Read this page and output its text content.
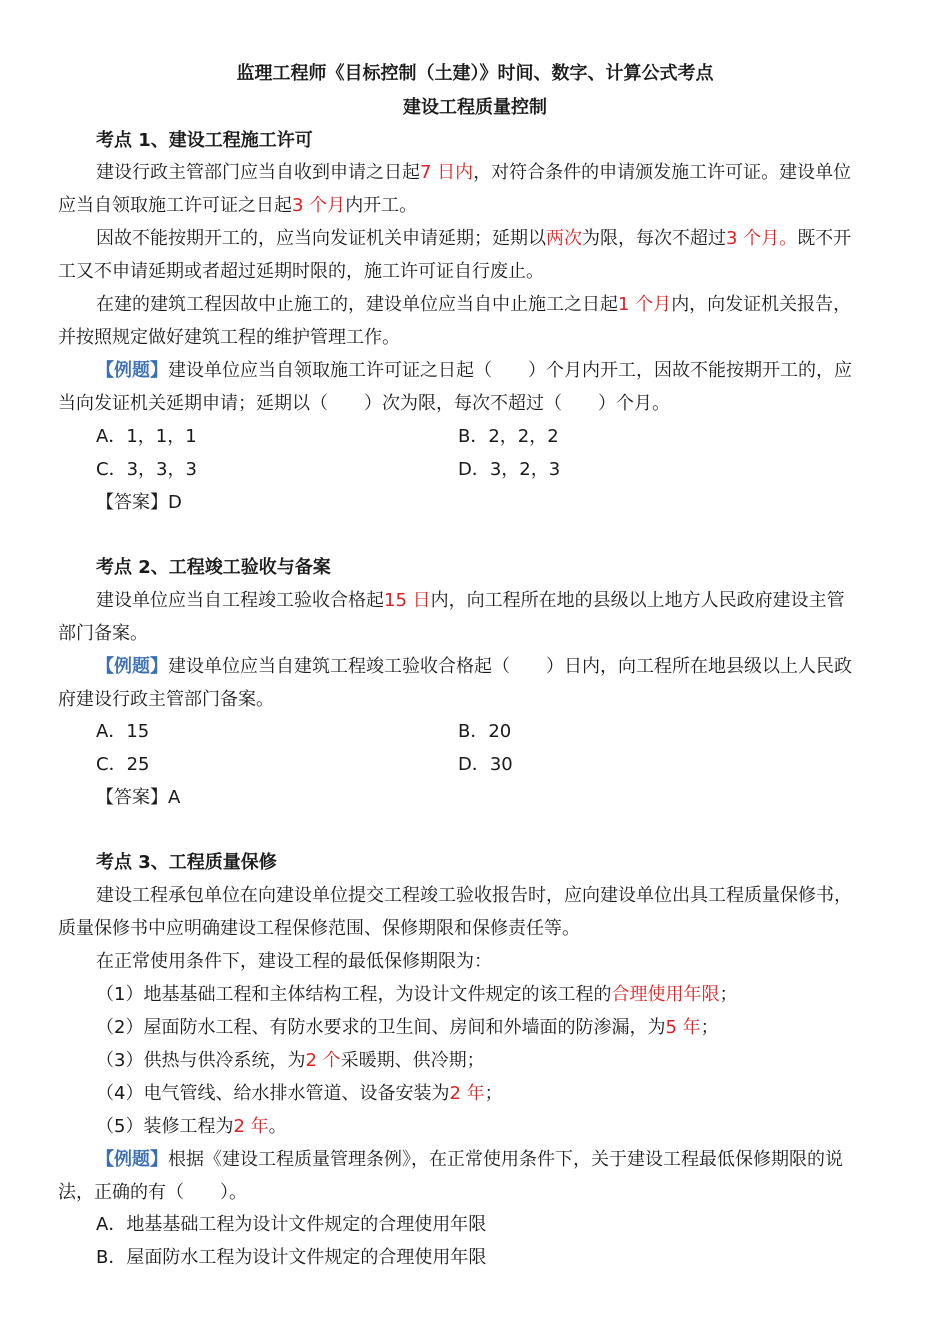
监理工程师《目标控制（土建）》时间、数字、计算公式考点
建设工程质量控制
考点 1、建设工程施工许可
建设行政主管部门应当自收到申请之日起7 日内，对符合条件的申请颁发施工许可证。建设单位
应当自领取施工许可证之日起3 个月内开工。
因故不能按期开工的，应当向发证机关申请延期；延期以两次为限，每次不超过3 个月。既不开
工又不申请延期或者超过延期时限的，施工许可证自行废止。
在建的建筑工程因故中止施工的，建设单位应当自中止施工之日起1 个月内，向发证机关报告，
并按照规定做好建筑工程的维护管理工作。
【例题】建设单位应当自领取施工许可证之日起（　　）个月内开工，因故不能按期开工的，应
当向发证机关延期申请；延期以（　　）次为限，每次不超过（　　）个月。
A．1，1，1	B．2，2，2
C．3，3，3	D．3，2，3
【答案】D
考点 2、工程竣工验收与备案
建设单位应当自工程竣工验收合格起15 日内，向工程所在地的县级以上地方人民政府建设主管
部门备案。
【例题】建设单位应当自建筑工程竣工验收合格起（　　）日内，向工程所在地县级以上人民政
府建设行政主管部门备案。
A．15	B．20
C．25	D．30
【答案】A
考点 3、工程质量保修
建设工程承包单位在向建设单位提交工程竣工验收报告时，应向建设单位出具工程质量保修书，
质量保修书中应明确建设工程保修范围、保修期限和保修责任等。
在正常使用条件下，建设工程的最低保修期限为：
（1）地基基础工程和主体结构工程，为设计文件规定的该工程的合理使用年限；
（2）屋面防水工程、有防水要求的卫生间、房间和外墙面的防渗漏，为5 年；
（3）供热与供冷系统，为2 个采暖期、供冷期；
（4）电气管线、给水排水管道、设备安装为2 年；
（5）装修工程为2 年。
【例题】根据《建设工程质量管理条例》，在正常使用条件下，关于建设工程最低保修期限的说
法，正确的有（　　）。
A．地基基础工程为设计文件规定的合理使用年限
B．屋面防水工程为设计文件规定的合理使用年限
